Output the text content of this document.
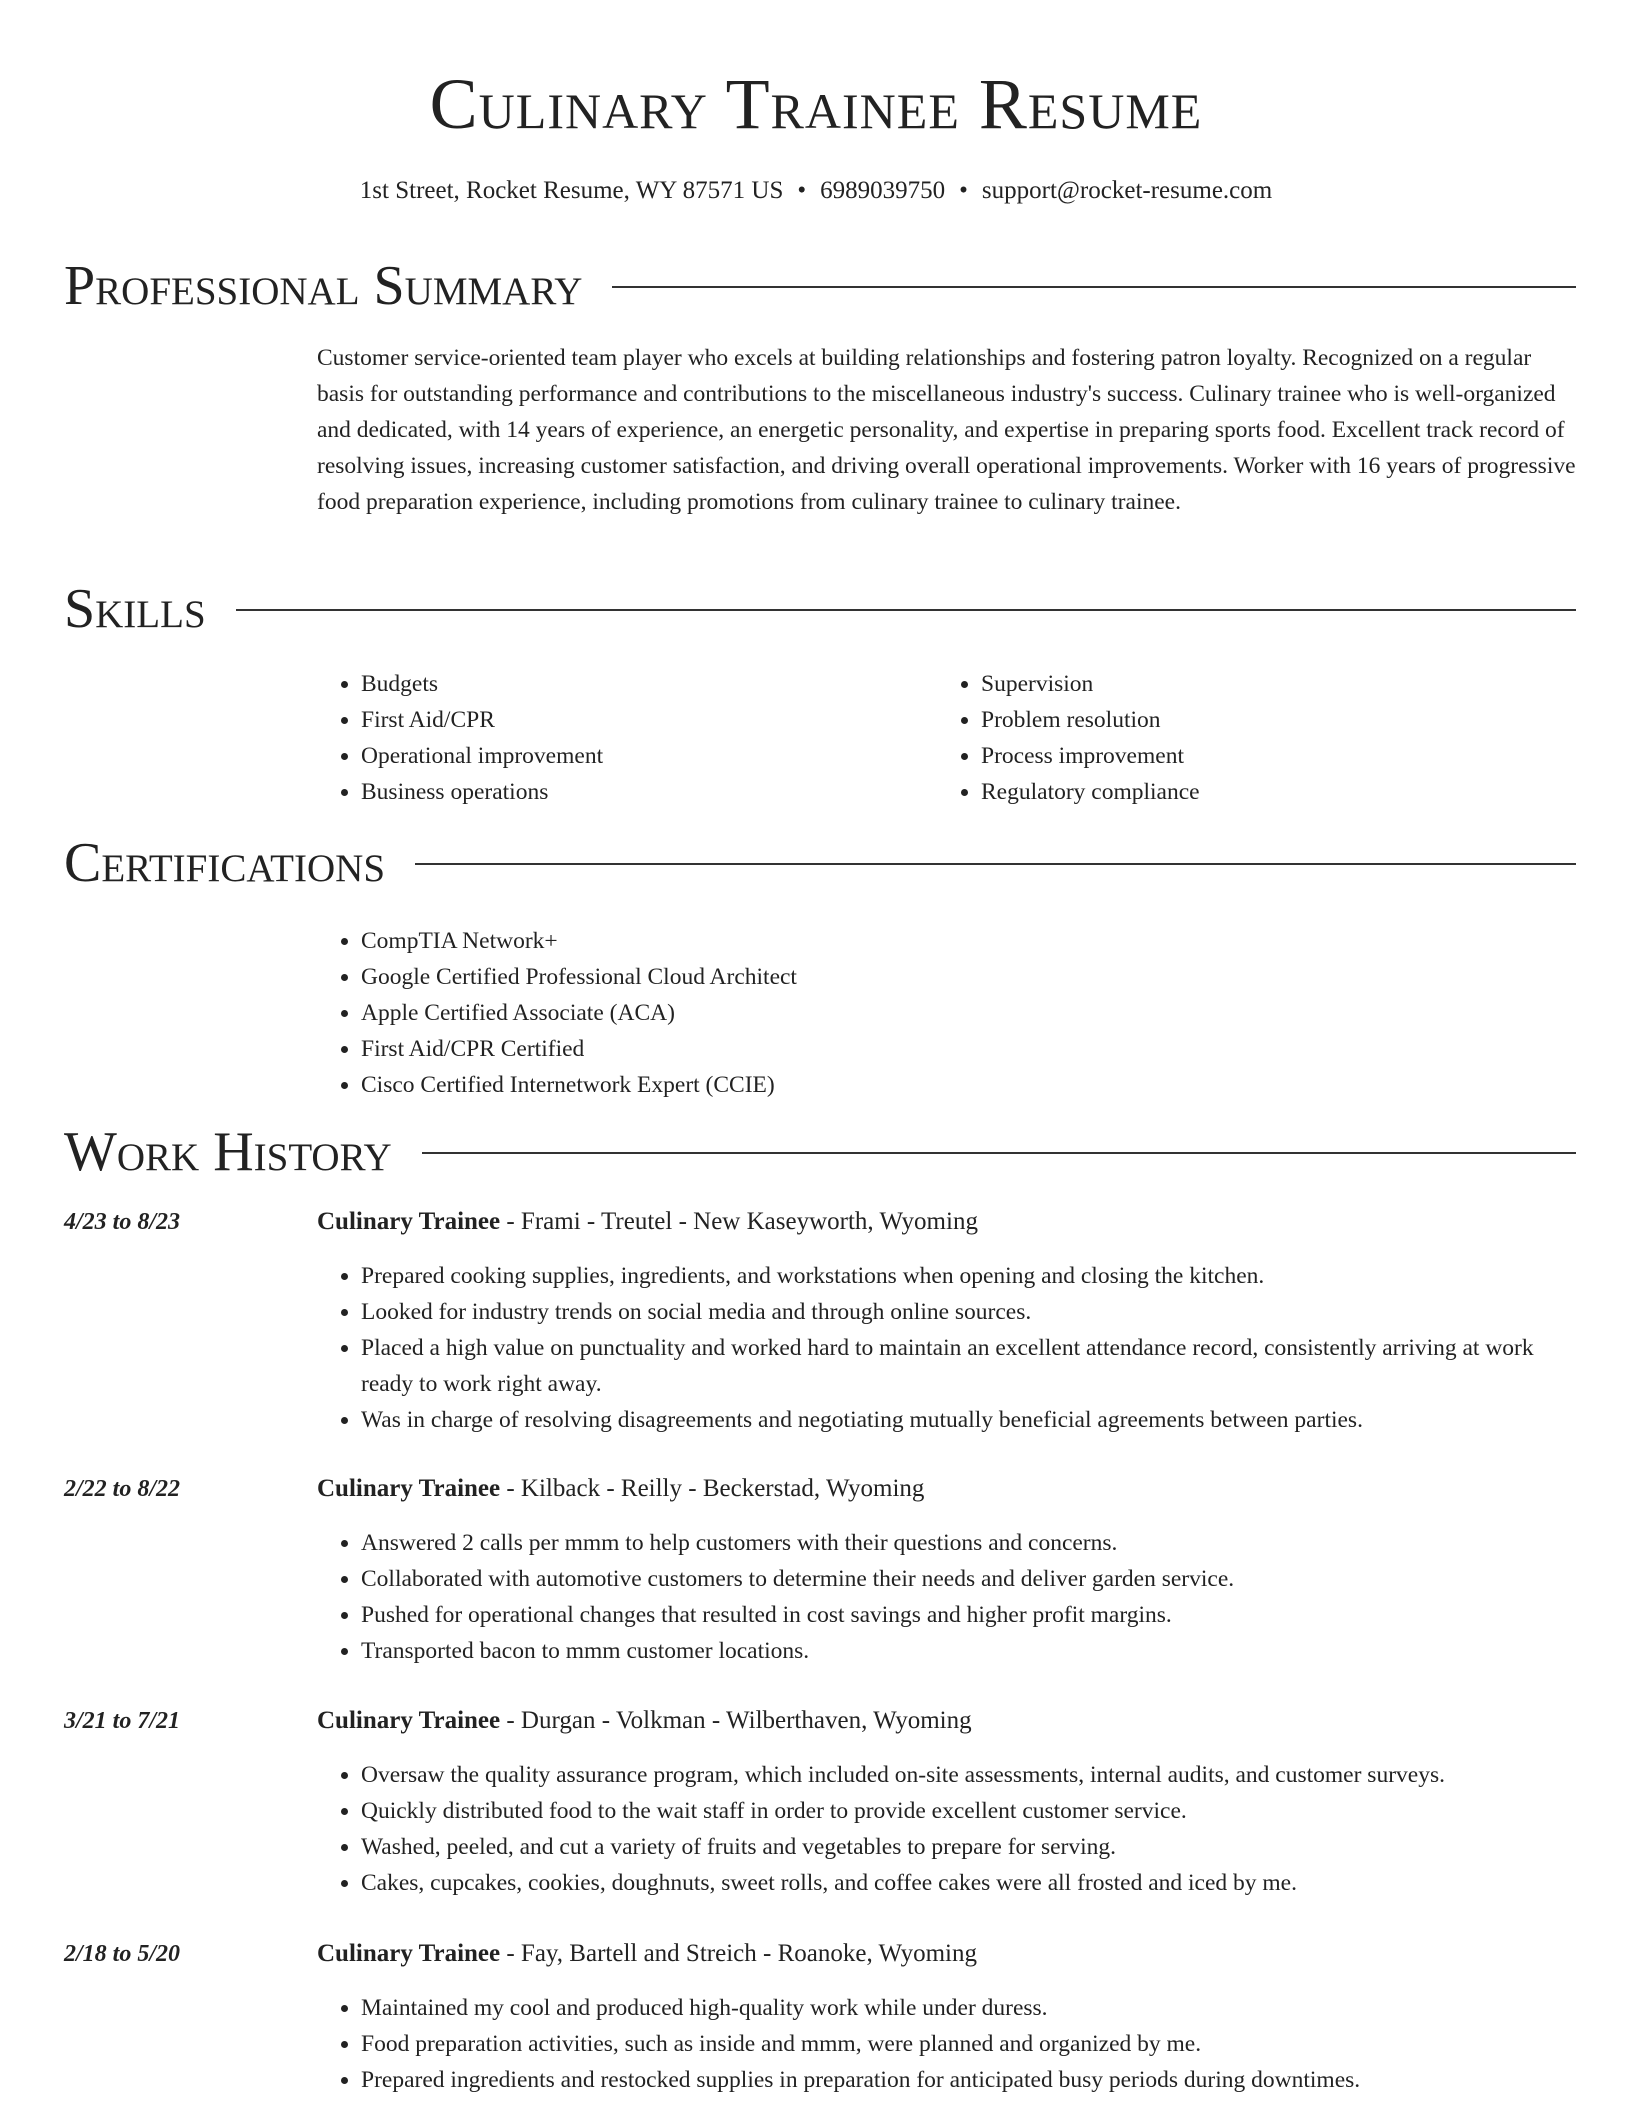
Culinary Trainee Resume
1st Street, Rocket Resume, WY 87571 US • 6989039750 • support@rocket-resume.com
Professional Summary
Customer service-oriented team player who excels at building relationships and fostering patron loyalty. Recognized on a regular basis for outstanding performance and contributions to the miscellaneous industry's success. Culinary trainee who is well-organized and dedicated, with 14 years of experience, an energetic personality, and expertise in preparing sports food. Excellent track record of resolving issues, increasing customer satisfaction, and driving overall operational improvements. Worker with 16 years of progressive food preparation experience, including promotions from culinary trainee to culinary trainee.
Skills
• Budgets
• First Aid/CPR
• Operational improvement
• Business operations
• Supervision
• Problem resolution
• Process improvement
• Regulatory compliance
Certifications
• CompTIA Network+
• Google Certified Professional Cloud Architect
• Apple Certified Associate (ACA)
• First Aid/CPR Certified
• Cisco Certified Internetwork Expert (CCIE)
Work History
4/23 to 8/23	Culinary Trainee - Frami - Treutel - New Kaseyworth, Wyoming
• Prepared cooking supplies, ingredients, and workstations when opening and closing the kitchen.
• Looked for industry trends on social media and through online sources.
• Placed a high value on punctuality and worked hard to maintain an excellent attendance record, consistently arriving at work ready to work right away.
• Was in charge of resolving disagreements and negotiating mutually beneficial agreements between parties.
2/22 to 8/22	Culinary Trainee - Kilback - Reilly - Beckerstad, Wyoming
• Answered 2 calls per mmm to help customers with their questions and concerns.
• Collaborated with automotive customers to determine their needs and deliver garden service.
• Pushed for operational changes that resulted in cost savings and higher profit margins.
• Transported bacon to mmm customer locations.
3/21 to 7/21	Culinary Trainee - Durgan - Volkman - Wilberthaven, Wyoming
• Oversaw the quality assurance program, which included on-site assessments, internal audits, and customer surveys.
• Quickly distributed food to the wait staff in order to provide excellent customer service.
• Washed, peeled, and cut a variety of fruits and vegetables to prepare for serving.
• Cakes, cupcakes, cookies, doughnuts, sweet rolls, and coffee cakes were all frosted and iced by me.
2/18 to 5/20	Culinary Trainee - Fay, Bartell and Streich - Roanoke, Wyoming
• Maintained my cool and produced high-quality work while under duress.
• Food preparation activities, such as inside and mmm, were planned and organized by me.
• Prepared ingredients and restocked supplies in preparation for anticipated busy periods during downtimes.
